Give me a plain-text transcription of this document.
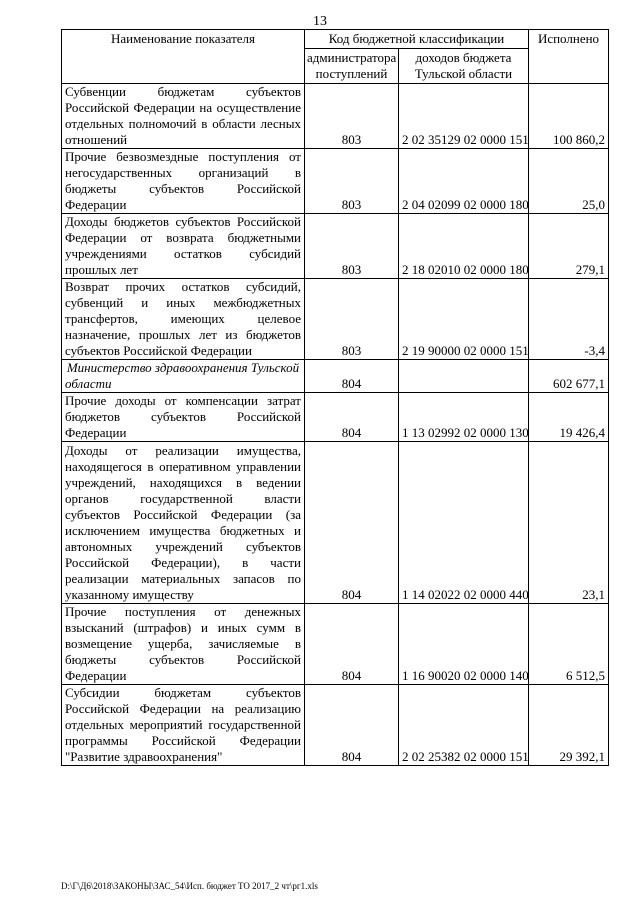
13
Наименование показателя	Код бюджетной классификации		Исполнено
	администратора поступлений	доходов бюджета Тульской области	
Субвенции бюджетам субъектов Российской Федерации на осуществление отдельных полномочий в области лесных отношений	803	2 02 35129 02 0000 151	100 860,2
Прочие безвозмездные поступления от негосударственных организаций в бюджеты субъектов Российской Федерации	803	2 04 02099 02 0000 180	25,0
Доходы бюджетов субъектов Российской Федерации от возврата бюджетными учреждениями остатков субсидий прошлых лет	803	2 18 02010 02 0000 180	279,1
Возврат прочих остатков субсидий, субвенций и иных межбюджетных трансфертов, имеющих целевое назначение, прошлых лет из бюджетов субъектов Российской Федерации	803	2 19 90000 02 0000 151	-3,4
Министерство здравоохранения Тульской области	804		602 677,1
Прочие доходы от компенсации затрат бюджетов субъектов Российской Федерации	804	1 13 02992 02 0000 130	19 426,4
Доходы от реализации имущества, находящегося в оперативном управлении учреждений, находящихся в ведении органов государственной власти субъектов Российской Федерации (за исключением имущества бюджетных и автономных учреждений субъектов Российской Федерации), в части реализации материальных запасов по указанному имуществу	804	1 14 02022 02 0000 440	23,1
Прочие поступления от денежных взысканий (штрафов) и иных сумм в возмещение ущерба, зачисляемые в бюджеты субъектов Российской Федерации	804	1 16 90020 02 0000 140	6 512,5
Субсидии бюджетам субъектов Российской Федерации на реализацию отдельных мероприятий государственной программы Российской Федерации "Развитие здравоохранения"	804	2 02 25382 02 0000 151	29 392,1
D:\Г\Д6\2018\ЗАКОНЫ\ЗАС_54\Исп. бюджет ТО 2017_2 чт\рг1.xls
